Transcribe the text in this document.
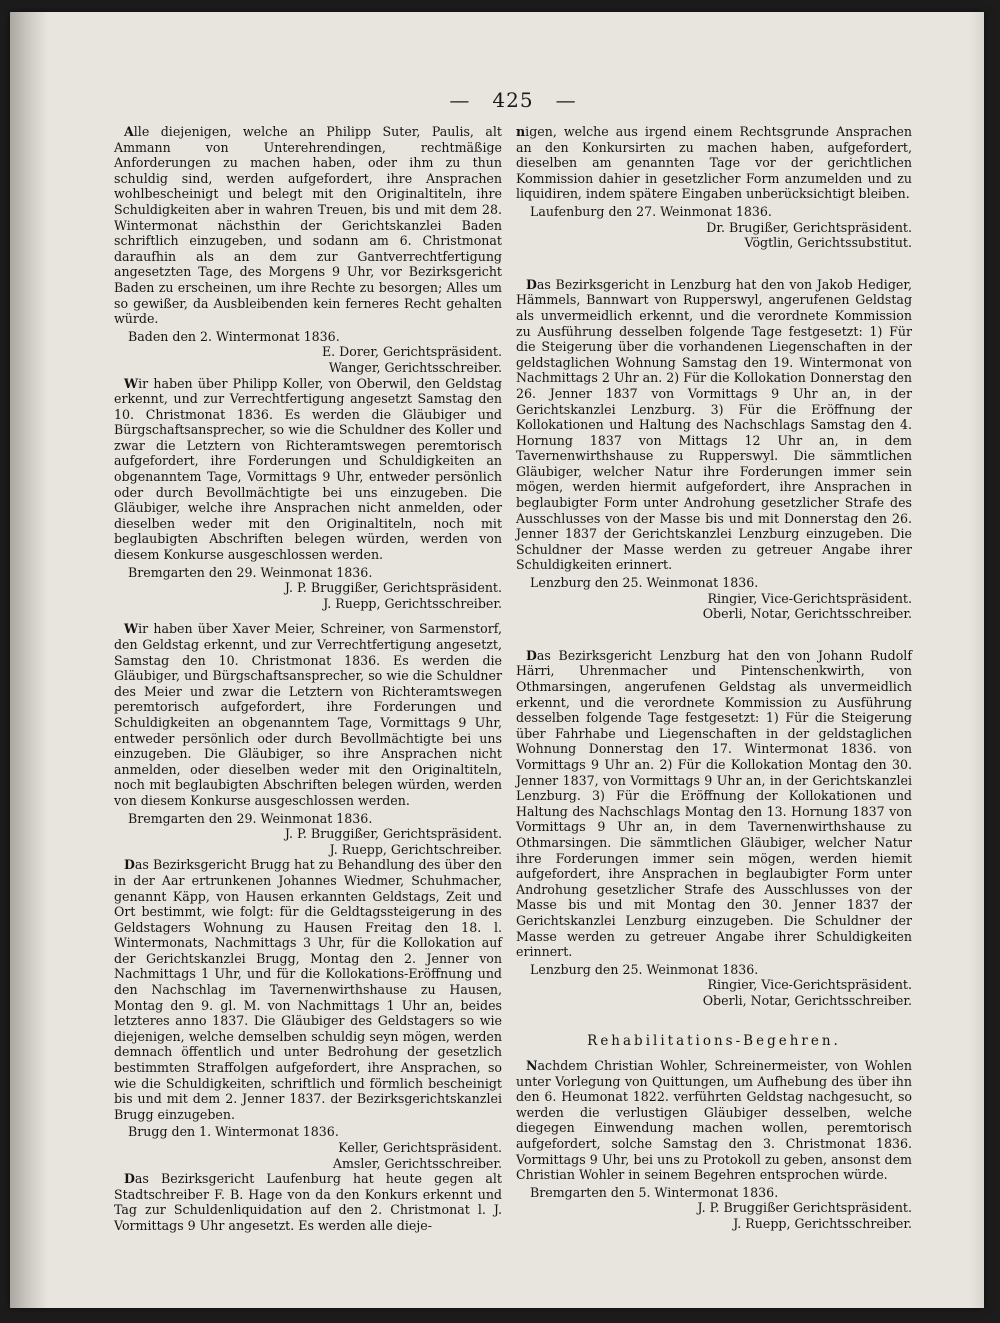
—   425   —

Alle diejenigen, welche an Philipp Suter, Paulis, alt Ammann von Unterehrendingen, rechtmäßige Anforderungen zu machen haben, oder ihm zu thun schuldig sind, werden aufgefordert, ihre Ansprachen wohlbescheinigt und belegt mit den Originaltiteln, ihre Schuldigkeiten aber in wahren Treuen, bis und mit dem 28. Wintermonat nächsthin der Gerichtskanzlei Baden schriftlich einzugeben, und sodann am 6. Christmonat daraufhin als an dem zur Gantverrechtfertigung angesetzten Tage, des Morgens 9 Uhr, vor Bezirksgericht Baden zu erscheinen, um ihre Rechte zu besorgen; Alles um so gewißer, da Ausbleibenden kein ferneres Recht gehalten würde.

Baden den 2. Wintermonat 1836.

E. Dorer, Gerichtspräsident.

Wanger, Gerichtsschreiber.

Wir haben über Philipp Koller, von Oberwil, den Geldstag erkennt, und zur Verrechtfertigung angesetzt Samstag den 10. Christmonat 1836. Es werden die Gläubiger und Bürgschaftsansprecher, so wie die Schuldner des Koller und zwar die Letztern von Richteramtswegen peremtorisch aufgefordert, ihre Forderungen und Schuldigkeiten an obgenanntem Tage, Vormittags 9 Uhr, entweder persönlich oder durch Bevollmächtigte bei uns einzugeben. Die Gläubiger, welche ihre Ansprachen nicht anmelden, oder dieselben weder mit den Originaltiteln, noch mit beglaubigten Abschriften belegen würden, werden von diesem Konkurse ausgeschlossen werden.

Bremgarten den 29. Weinmonat 1836.

J. P. Bruggißer, Gerichtspräsident.

J. Ruepp, Gerichtsschreiber.

Wir haben über Xaver Meier, Schreiner, von Sarmenstorf, den Geldstag erkennt, und zur Verrechtfertigung angesetzt, Samstag den 10. Christmonat 1836. Es werden die Gläubiger, und Bürgschaftsansprecher, so wie die Schuldner des Meier und zwar die Letztern von Richteramtswegen peremtorisch aufgefordert, ihre Forderungen und Schuldigkeiten an obgenanntem Tage, Vormittags 9 Uhr, entweder persönlich oder durch Bevollmächtigte bei uns einzugeben. Die Gläubiger, so ihre Ansprachen nicht anmelden, oder dieselben weder mit den Originaltiteln, noch mit beglaubigten Abschriften belegen würden, werden von diesem Konkurse ausgeschlossen werden.

Bremgarten den 29. Weinmonat 1836.

J. P. Bruggißer, Gerichtspräsident.

J. Ruepp, Gerichtschreiber.

Das Bezirksgericht Brugg hat zu Behandlung des über den in der Aar ertrunkenen Johannes Wiedmer, Schuhmacher, genannt Käpp, von Hausen erkannten Geldstags, Zeit und Ort bestimmt, wie folgt: für die Geldtagssteigerung in des Geldstagers Wohnung zu Hausen Freitag den 18. l. Wintermonats, Nachmittags 3 Uhr, für die Kollokation auf der Gerichtskanzlei Brugg, Montag den 2. Jenner von Nachmittags 1 Uhr, und für die Kollokations-Eröffnung und den Nachschlag im Tavernenwirthshause zu Hausen, Montag den 9. gl. M. von Nachmittags 1 Uhr an, beides letzteres anno 1837. Die Gläubiger des Geldstagers so wie diejenigen, welche demselben schuldig seyn mögen, werden demnach öffentlich und unter Bedrohung der gesetzlich bestimmten Straffolgen aufgefordert, ihre Ansprachen, so wie die Schuldigkeiten, schriftlich und förmlich bescheinigt bis und mit dem 2. Jenner 1837. der Bezirksgerichtskanzlei Brugg einzugeben.

Brugg den 1. Wintermonat 1836.

Keller, Gerichtspräsident.

Amsler, Gerichtsschreiber.

Das Bezirksgericht Laufenburg hat heute gegen alt Stadtschreiber F. B. Hage von da den Konkurs erkennt und Tag zur Schuldenliquidation auf den 2. Christmonat l. J. Vormittags 9 Uhr angesetzt. Es werden alle dieje-

nigen, welche aus irgend einem Rechtsgrunde Ansprachen an den Konkursirten zu machen haben, aufgefordert, dieselben am genannten Tage vor der gerichtlichen Kommission dahier in gesetzlicher Form anzumelden und zu liquidiren, indem spätere Eingaben unberücksichtigt bleiben.

Laufenburg den 27. Weinmonat 1836.

Dr. Brugißer, Gerichtspräsident.

Vögtlin, Gerichtssubstitut.

Das Bezirksgericht in Lenzburg hat den von Jakob Hediger, Hämmels, Bannwart von Rupperswyl, angerufenen Geldstag als unvermeidlich erkennt, und die verordnete Kommission zu Ausführung desselben folgende Tage festgesetzt: 1) Für die Steigerung über die vorhandenen Liegenschaften in der geldstaglichen Wohnung Samstag den 19. Wintermonat von Nachmittags 2 Uhr an. 2) Für die Kollokation Donnerstag den 26. Jenner 1837 von Vormittags 9 Uhr an, in der Gerichtskanzlei Lenzburg. 3) Für die Eröffnung der Kollokationen und Haltung des Nachschlags Samstag den 4. Hornung 1837 von Mittags 12 Uhr an, in dem Tavernenwirthshause zu Rupperswyl. Die sämmtlichen Gläubiger, welcher Natur ihre Forderungen immer sein mögen, werden hiermit aufgefordert, ihre Ansprachen in beglaubigter Form unter Androhung gesetzlicher Strafe des Ausschlusses von der Masse bis und mit Donnerstag den 26. Jenner 1837 der Gerichtskanzlei Lenzburg einzugeben. Die Schuldner der Masse werden zu getreuer Angabe ihrer Schuldigkeiten erinnert.

Lenzburg den 25. Weinmonat 1836.

Ringier, Vice-Gerichtspräsident.

Oberli, Notar, Gerichtsschreiber.

Das Bezirksgericht Lenzburg hat den von Johann Rudolf Härri, Uhrenmacher und Pintenschenkwirth, von Othmarsingen, angerufenen Geldstag als unvermeidlich erkennt, und die verordnete Kommission zu Ausführung desselben folgende Tage festgesetzt: 1) Für die Steigerung über Fahrhabe und Liegenschaften in der geldstaglichen Wohnung Donnerstag den 17. Wintermonat 1836. von Vormittags 9 Uhr an. 2) Für die Kollokation Montag den 30. Jenner 1837, von Vormittags 9 Uhr an, in der Gerichtskanzlei Lenzburg. 3) Für die Eröffnung der Kollokationen und Haltung des Nachschlags Montag den 13. Hornung 1837 von Vormittags 9 Uhr an, in dem Tavernenwirthshause zu Othmarsingen. Die sämmtlichen Gläubiger, welcher Natur ihre Forderungen immer sein mögen, werden hiemit aufgefordert, ihre Ansprachen in beglaubigter Form unter Androhung gesetzlicher Strafe des Ausschlusses von der Masse bis und mit Montag den 30. Jenner 1837 der Gerichtskanzlei Lenzburg einzugeben. Die Schuldner der Masse werden zu getreuer Angabe ihrer Schuldigkeiten erinnert.

Lenzburg den 25. Weinmonat 1836.

Ringier, Vice-Gerichtspräsident.

Oberli, Notar, Gerichtsschreiber.

Rehabilitations-Begehren.

Nachdem Christian Wohler, Schreinermeister, von Wohlen unter Vorlegung von Quittungen, um Aufhebung des über ihn den 6. Heumonat 1822. verführten Geldstag nachgesucht, so werden die verlustigen Gläubiger desselben, welche diegegen Einwendung machen wollen, peremtorisch aufgefordert, solche Samstag den 3. Christmonat 1836. Vormittags 9 Uhr, bei uns zu Protokoll zu geben, ansonst dem Christian Wohler in seinem Begehren entsprochen würde.

Bremgarten den 5. Wintermonat 1836.

J. P. Bruggißer Gerichtspräsident.

J. Ruepp, Gerichtsschreiber.
